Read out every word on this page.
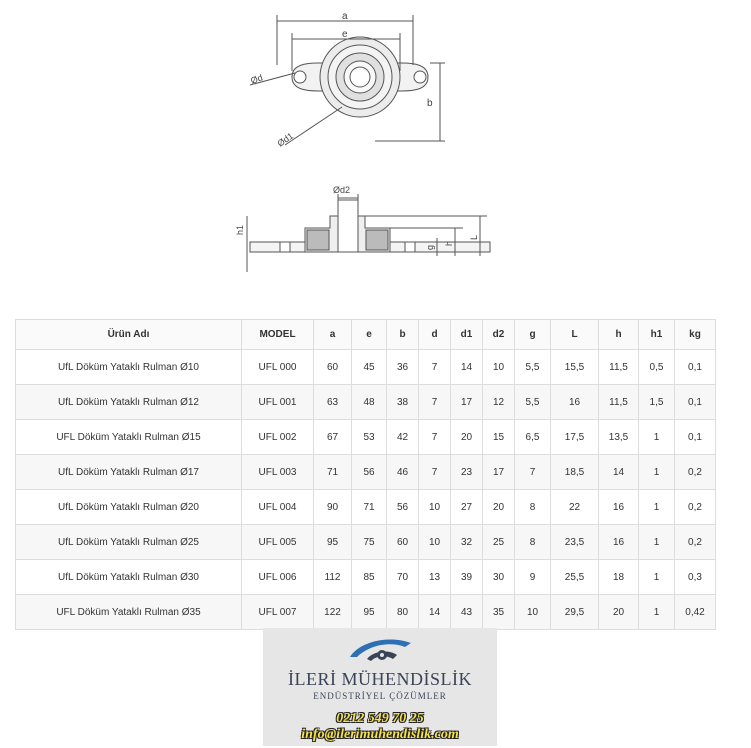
a
e
b
Ød
Ød1
Ød2
h1
g
h
L
Ürün Adı	MODEL	a	e	b	d	d1	d2	g	L	h	h1	kg
UfL Döküm Yataklı Rulman Ø10	UFL 000	60	45	36	7	14	10	5,5	15,5	11,5	0,5	0,1
UfL Döküm Yataklı Rulman Ø12	UFL 001	63	48	38	7	17	12	5,5	16	11,5	1,5	0,1
UFL Döküm Yataklı Rulman Ø15	UFL 002	67	53	42	7	20	15	6,5	17,5	13,5	1	0,1
UfL Döküm Yataklı Rulman Ø17	UFL 003	71	56	46	7	23	17	7	18,5	14	1	0,2
UfL Döküm Yataklı Rulman Ø20	UFL 004	90	71	56	10	27	20	8	22	16	1	0,2
UfL Döküm Yataklı Rulman Ø25	UFL 005	95	75	60	10	32	25	8	23,5	16	1	0,2
UfL Döküm Yataklı Rulman Ø30	UFL 006	112	85	70	13	39	30	9	25,5	18	1	0,3
UFL Döküm Yataklı Rulman Ø35	UFL 007	122	95	80	14	43	35	10	29,5	20	1	0,42
İLERİ MÜHENDİSLİK
ENDÜSTRİYEL ÇÖZÜMLER
0212 549 70 25
info@ilerimuhendislik.com
